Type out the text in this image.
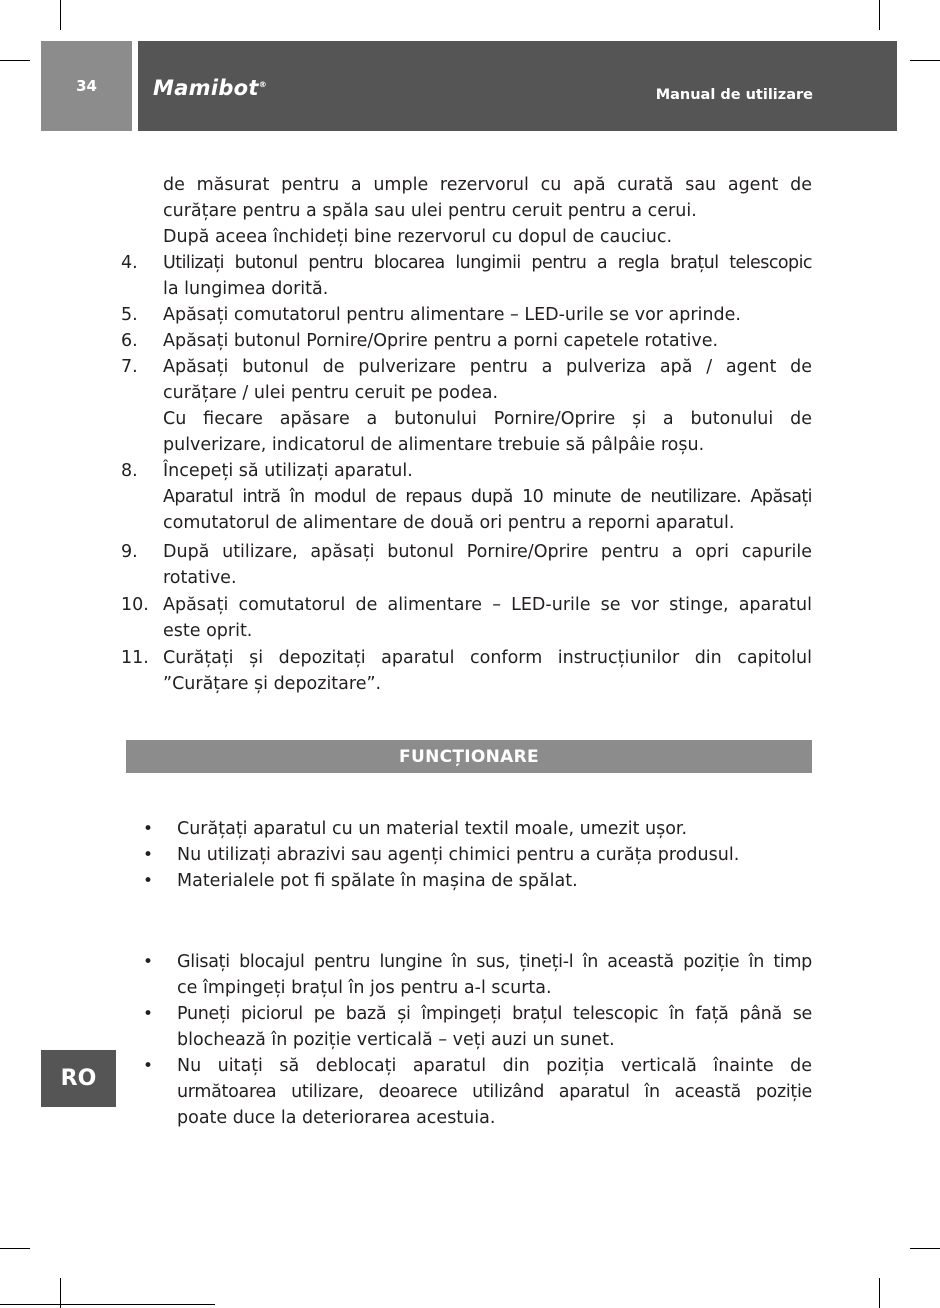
34	Mamibot®
Manual de utilizare
de măsurat pentru a umple rezervorul cu apă curată sau agent de
curățare pentru a spăla sau ulei pentru ceruit pentru a cerui.
După aceea închideți bine rezervorul cu dopul de cauciuc.
4. Utilizați butonul pentru blocarea lungimii pentru a regla brațul telescopic
la lungimea dorită.
5. Apăsați comutatorul pentru alimentare – LED-urile se vor aprinde.
6. Apăsați butonul Pornire/Oprire pentru a porni capetele rotative.
7. Apăsați butonul de pulverizare pentru a pulveriza apă / agent de
curățare / ulei pentru ceruit pe podea.
Cu fiecare apăsare a butonului Pornire/Oprire și a butonului de
pulverizare, indicatorul de alimentare trebuie să pâlpâie roșu.
8. Începeți să utilizați aparatul.
Aparatul intră în modul de repaus după 10 minute de neutilizare. Apăsați
comutatorul de alimentare de două ori pentru a reporni aparatul.
9. După utilizare, apăsați butonul Pornire/Oprire pentru a opri capurile
rotative.
10. Apăsați comutatorul de alimentare – LED-urile se vor stinge, aparatul
este oprit.
11. Curățați și depozitați aparatul conform instrucțiunilor din capitolul
”Curățare și depozitare”.
FUNCȚIONARE
• Curățați aparatul cu un material textil moale, umezit ușor.
• Nu utilizați abrazivi sau agenți chimici pentru a curăța produsul.
• Materialele pot fi spălate în mașina de spălat.
• Glisați blocajul pentru lungine în sus, țineți-l în această poziție în timp
ce împingeți brațul în jos pentru a-l scurta.
• Puneți piciorul pe bază și împingeți brațul telescopic în față până se
blochează în poziție verticală – veți auzi un sunet.
• Nu uitați să deblocați aparatul din poziția verticală înainte de
următoarea utilizare, deoarece utilizând aparatul în această poziție
poate duce la deteriorarea acestuia.
RO
